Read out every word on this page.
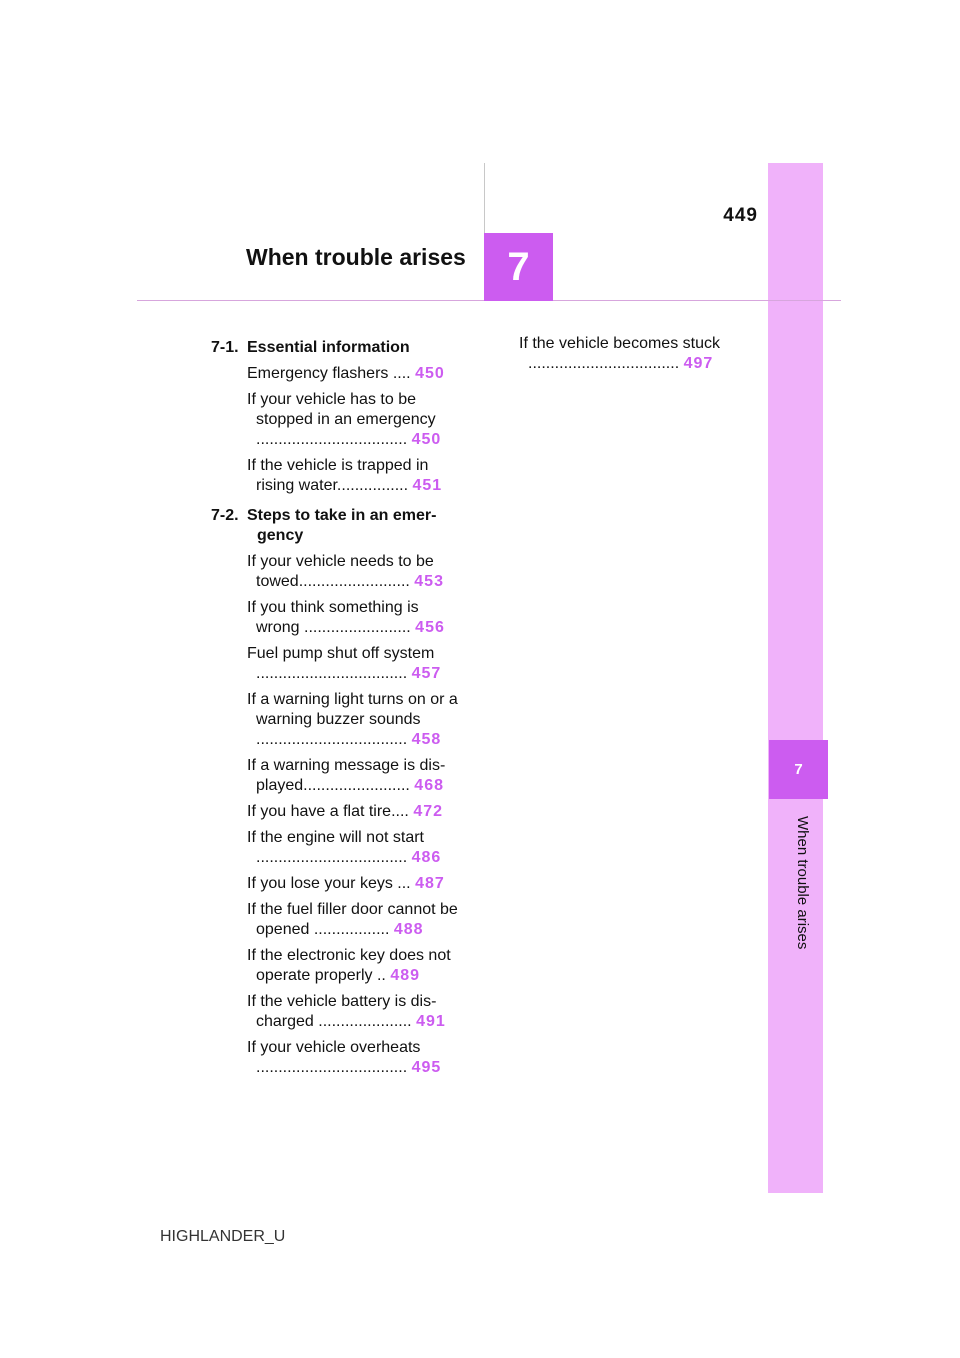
7
When trouble arises
449
When trouble arises	7
7-1. Essential information
Emergency flashers .... 450
If your vehicle has to be stopped in an emergency .................................. 450
If the vehicle is trapped in rising water................ 451
7-2. Steps to take in an emer-gency
If your vehicle needs to be towed......................... 453
If you think something is wrong ........................ 456
Fuel pump shut off system .................................. 457
If a warning light turns on or a warning buzzer sounds .................................. 458
If a warning message is dis-played........................ 468
If you have a flat tire.... 472
If the engine will not start .................................. 486
If you lose your keys ... 487
If the fuel filler door cannot be opened ................. 488
If the electronic key does not operate properly .. 489
If the vehicle battery is dis-charged ..................... 491
If your vehicle overheats .................................. 495
If the vehicle becomes stuck .................................. 497
HIGHLANDER_U
